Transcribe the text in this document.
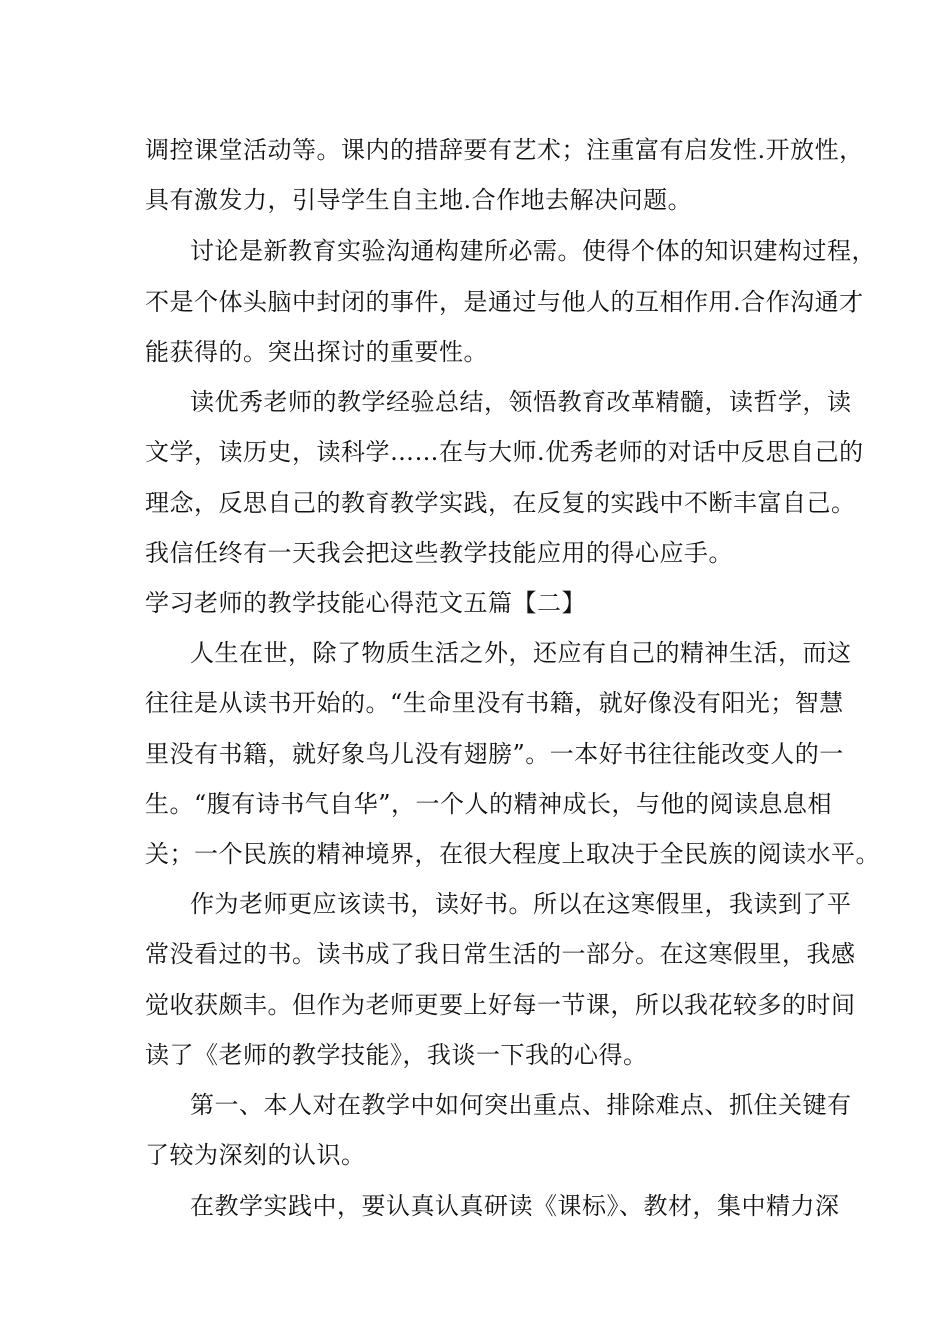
调控课堂活动等。课内的措辞要有艺术；注重富有启发性.开放性，
具有激发力，引导学生自主地.合作地去解决问题。
讨论是新教育实验沟通构建所必需。使得个体的知识建构过程，
不是个体头脑中封闭的事件，是通过与他人的互相作用.合作沟通才
能获得的。突出探讨的重要性。
读优秀老师的教学经验总结，领悟教育改革精髓，读哲学，读
文学，读历史，读科学……在与大师.优秀老师的对话中反思自己的
理念，反思自己的教育教学实践，在反复的实践中不断丰富自己。
我信任终有一天我会把这些教学技能应用的得心应手。
学习老师的教学技能心得范文五篇【二】
人生在世，除了物质生活之外，还应有自己的精神生活，而这
往往是从读书开始的。“生命里没有书籍，就好像没有阳光；智慧
里没有书籍，就好象鸟儿没有翅膀”。一本好书往往能改变人的一
生。“腹有诗书气自华”，一个人的精神成长，与他的阅读息息相
关；一个民族的精神境界，在很大程度上取决于全民族的阅读水平。
作为老师更应该读书，读好书。所以在这寒假里，我读到了平
常没看过的书。读书成了我日常生活的一部分。在这寒假里，我感
觉收获颇丰。但作为老师更要上好每一节课，所以我花较多的时间
读了《老师的教学技能》，我谈一下我的心得。
第一、本人对在教学中如何突出重点、排除难点、抓住关键有
了较为深刻的认识。
在教学实践中，要认真认真研读《课标》、教材，集中精力深
